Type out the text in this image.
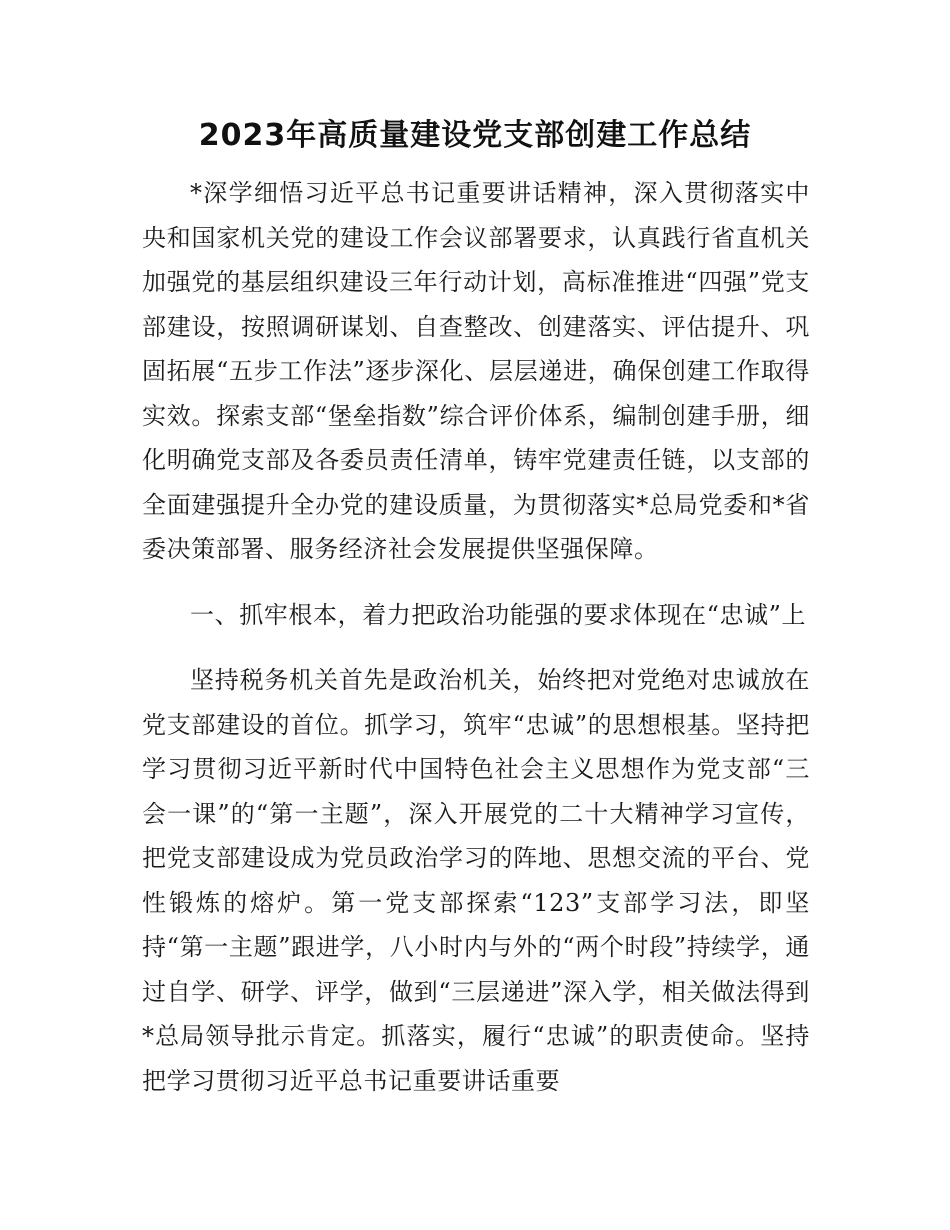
2023年高质量建设党支部创建工作总结

*深学细悟习近平总书记重要讲话精神，深入贯彻落实中央和国家机关党的建设工作会议部署要求，认真践行省直机关加强党的基层组织建设三年行动计划，高标准推进“四强”党支部建设，按照调研谋划、自查整改、创建落实、评估提升、巩固拓展“五步工作法”逐步深化、层层递进，确保创建工作取得实效。探索支部“堡垒指数”综合评价体系，编制创建手册，细化明确党支部及各委员责任清单，铸牢党建责任链，以支部的全面建强提升全办党的建设质量，为贯彻落实*总局党委和*省委决策部署、服务经济社会发展提供坚强保障。

一、抓牢根本，着力把政治功能强的要求体现在“忠诚”上

坚持税务机关首先是政治机关，始终把对党绝对忠诚放在党支部建设的首位。抓学习，筑牢“忠诚”的思想根基。坚持把学习贯彻习近平新时代中国特色社会主义思想作为党支部“三会一课”的“第一主题”，深入开展党的二十大精神学习宣传，把党支部建设成为党员政治学习的阵地、思想交流的平台、党性锻炼的熔炉。第一党支部探索“123”支部学习法，即坚持“第一主题”跟进学，八小时内与外的“两个时段”持续学，通过自学、研学、评学，做到“三层递进”深入学，相关做法得到*总局领导批示肯定。抓落实，履行“忠诚”的职责使命。坚持把学习贯彻习近平总书记重要讲话重要
